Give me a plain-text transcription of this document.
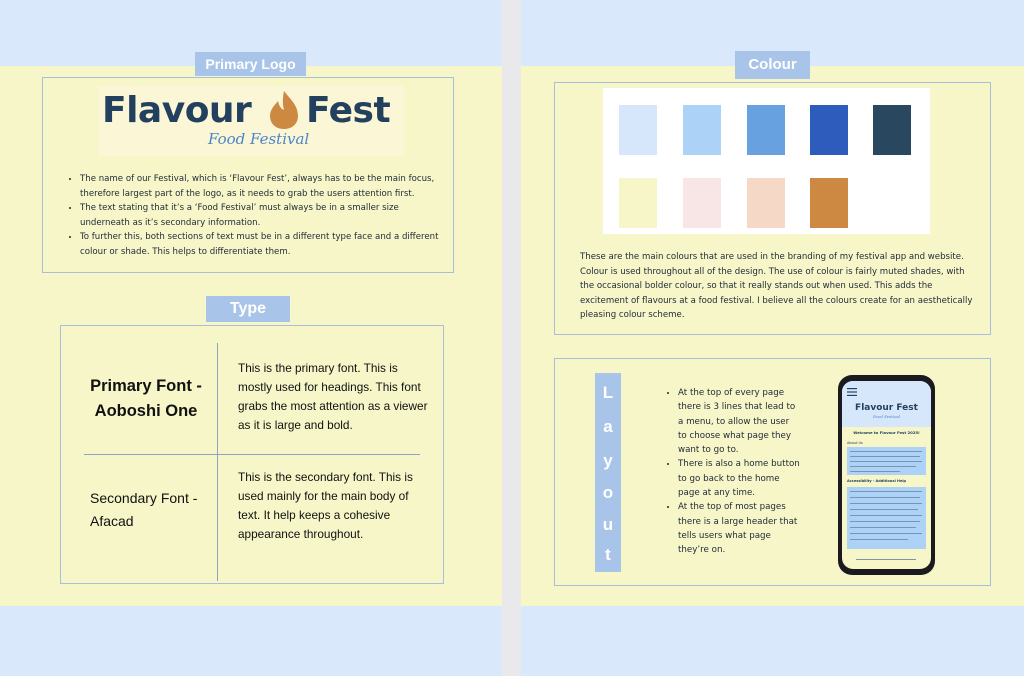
Primary Logo
Flavour Fest
Food Festival
• The name of our Festival, which is ‘Flavour Fest’, always has to be the main focus, therefore largest part of the logo, as it needs to grab the users attention first.
• The text stating that it’s a ‘Food Festival’ must always be in a smaller size underneath as it’s secondary information.
• To further this, both sections of text must be in a different type face and a different colour or shade. This helps to differentiate them.
Type
Primary Font - Aoboshi One
This is the primary font. This is mostly used for headings. This font grabs the most attention as a viewer as it is large and bold.
Secondary Font - Afacad
This is the secondary font. This is used mainly for the main body of text. It help keeps a cohesive appearance throughout.
Colour

These are the main colours that are used in the branding of my festival app and website. Colour is used throughout all of the design. The use of colour is fairly muted shades, with the occasional bolder colour, so that it really stands out when used. This adds the excitement of flavours at a food festival. I believe all the colours create for an aesthetically pleasing colour scheme.

L
a
y
o
u
t
• At the top of every page there is 3 lines that lead to a menu, to allow the user to choose what page they want to go to.
• There is also a home button to go back to the home page at any time.
• At the top of most pages there is a large header that tells users what page they’re on.
Flavour Fest
Food Festival
Welcome to Flavour Fest 2025!
About Us
Accessibility - Additional Help
